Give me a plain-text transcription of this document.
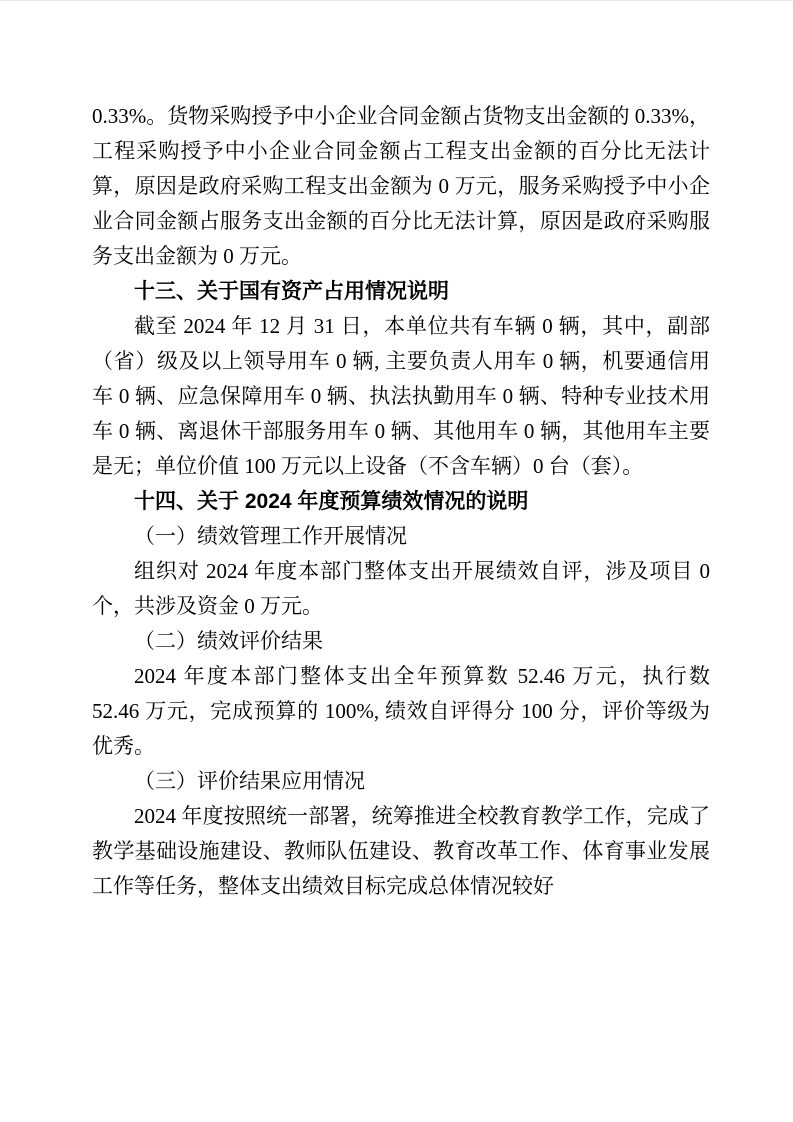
0.33%。货物采购授予中小企业合同金额占货物支出金额的 0.33%，工程采购授予中小企业合同金额占工程支出金额的百分比无法计算，原因是政府采购工程支出金额为 0 万元，服务采购授予中小企业合同金额占服务支出金额的百分比无法计算，原因是政府采购服务支出金额为 0 万元。

十三、关于国有资产占用情况说明

截至 2024 年 12 月 31 日，本单位共有车辆 0 辆，其中，副部（省）级及以上领导用车 0 辆, 主要负责人用车 0 辆，机要通信用车 0 辆、应急保障用车 0 辆、执法执勤用车 0 辆、特种专业技术用车 0 辆、离退休干部服务用车 0 辆、其他用车 0 辆，其他用车主要是无；单位价值 100 万元以上设备（不含车辆）0 台（套）。

十四、关于 2024 年度预算绩效情况的说明

（一）绩效管理工作开展情况

组织对 2024 年度本部门整体支出开展绩效自评，涉及项目 0 个，共涉及资金 0 万元。

（二）绩效评价结果

2024 年度本部门整体支出全年预算数 52.46 万元，执行数 52.46 万元，完成预算的 100%, 绩效自评得分 100 分，评价等级为优秀。

（三）评价结果应用情况

2024 年度按照统一部署，统筹推进全校教育教学工作，完成了教学基础设施建设、教师队伍建设、教育改革工作、体育事业发展工作等任务，整体支出绩效目标完成总体情况较好
